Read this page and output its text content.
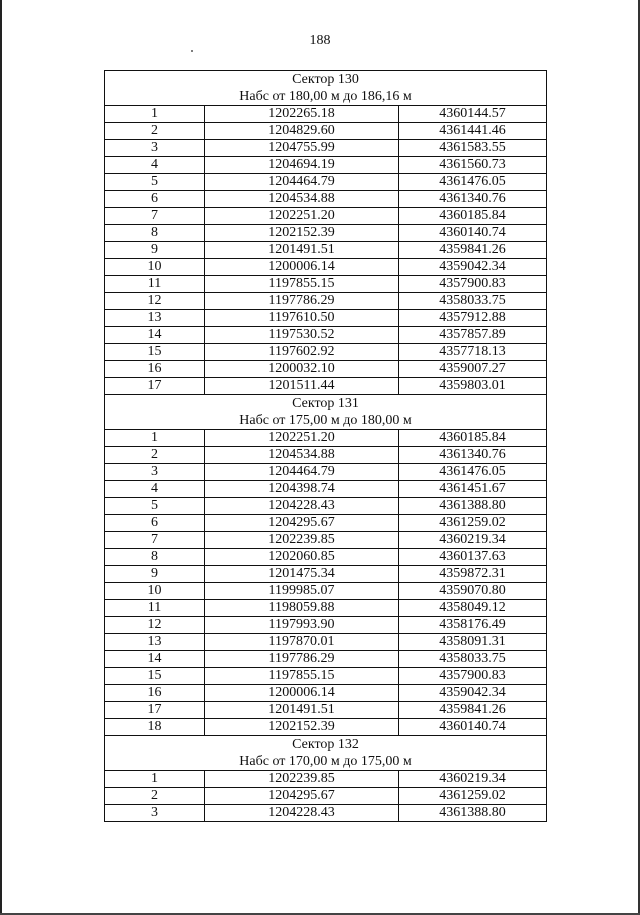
188
Сектор 130		
Набс от 180,00 м до 186,16 м		
1	1202265.18	4360144.57
2	1204829.60	4361441.46
3	1204755.99	4361583.55
4	1204694.19	4361560.73
5	1204464.79	4361476.05
6	1204534.88	4361340.76
7	1202251.20	4360185.84
8	1202152.39	4360140.74
9	1201491.51	4359841.26
10	1200006.14	4359042.34
11	1197855.15	4357900.83
12	1197786.29	4358033.75
13	1197610.50	4357912.88
14	1197530.52	4357857.89
15	1197602.92	4357718.13
16	1200032.10	4359007.27
17	1201511.44	4359803.01
Сектор 131		
Набс от 175,00 м до 180,00 м		
1	1202251.20	4360185.84
2	1204534.88	4361340.76
3	1204464.79	4361476.05
4	1204398.74	4361451.67
5	1204228.43	4361388.80
6	1204295.67	4361259.02
7	1202239.85	4360219.34
8	1202060.85	4360137.63
9	1201475.34	4359872.31
10	1199985.07	4359070.80
11	1198059.88	4358049.12
12	1197993.90	4358176.49
13	1197870.01	4358091.31
14	1197786.29	4358033.75
15	1197855.15	4357900.83
16	1200006.14	4359042.34
17	1201491.51	4359841.26
18	1202152.39	4360140.74
Сектор 132		
Набс от 170,00 м до 175,00 м		
1	1202239.85	4360219.34
2	1204295.67	4361259.02
3	1204228.43	4361388.80
